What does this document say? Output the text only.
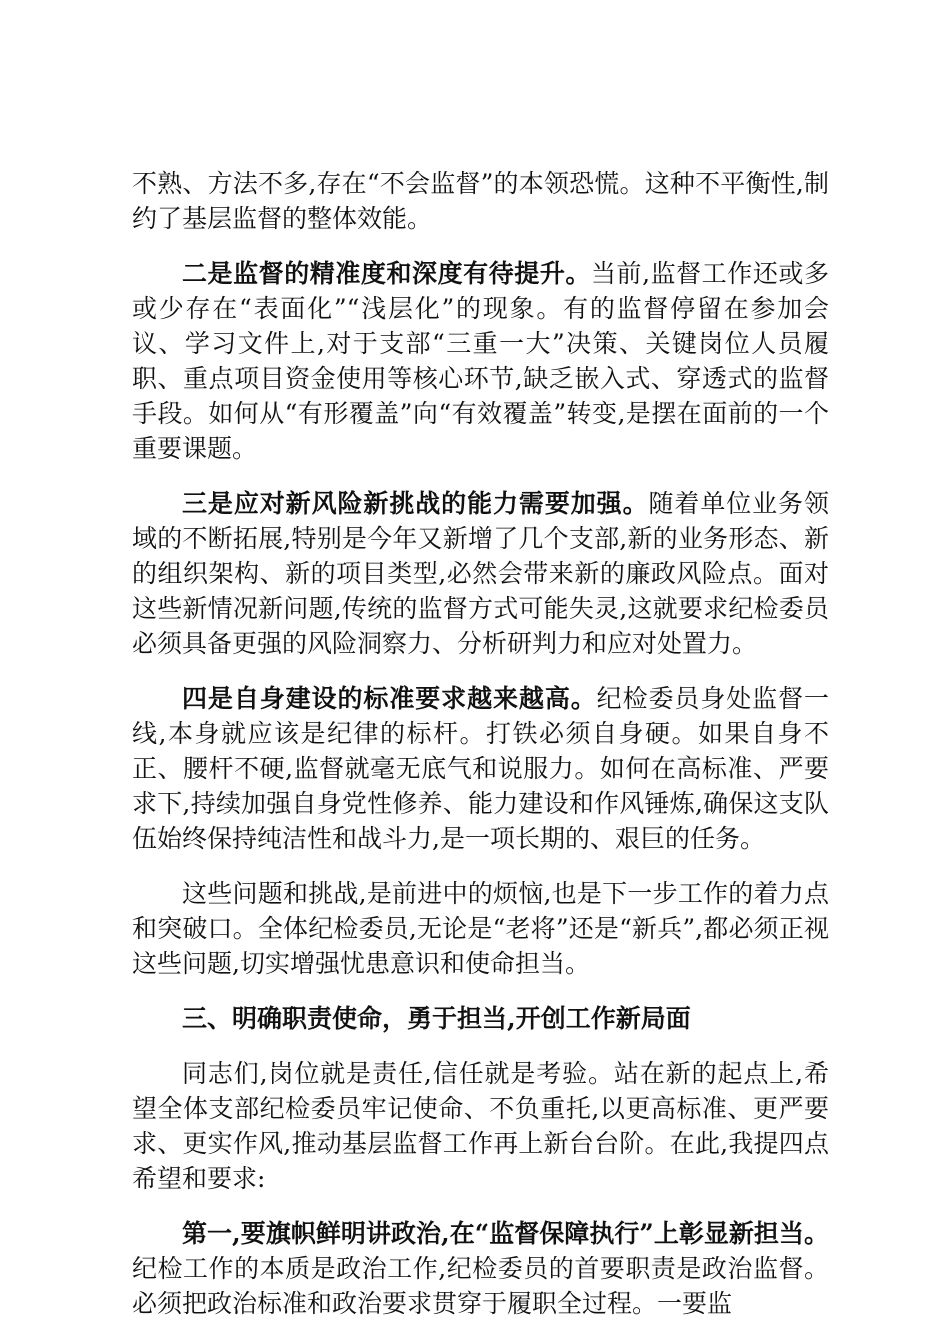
不熟、方法不多,存在“不会监督”的本领恐慌。这种不平衡性,制约了基层监督的整体效能。

二是监督的精准度和深度有待提升。当前,监督工作还或多或少存在“表面化”“浅层化”的现象。有的监督停留在参加会议、学习文件上,对于支部“三重一大”决策、关键岗位人员履职、重点项目资金使用等核心环节,缺乏嵌入式、穿透式的监督手段。如何从“有形覆盖”向“有效覆盖”转变,是摆在面前的一个重要课题。

三是应对新风险新挑战的能力需要加强。随着单位业务领域的不断拓展,特别是今年又新增了几个支部,新的业务形态、新的组织架构、新的项目类型,必然会带来新的廉政风险点。面对这些新情况新问题,传统的监督方式可能失灵,这就要求纪检委员必须具备更强的风险洞察力、分析研判力和应对处置力。

四是自身建设的标准要求越来越高。纪检委员身处监督一线,本身就应该是纪律的标杆。打铁必须自身硬。如果自身不正、腰杆不硬,监督就毫无底气和说服力。如何在高标准、严要求下,持续加强自身党性修养、能力建设和作风锤炼,确保这支队伍始终保持纯洁性和战斗力,是一项长期的、艰巨的任务。

这些问题和挑战,是前进中的烦恼,也是下一步工作的着力点和突破口。全体纪检委员,无论是“老将”还是“新兵”,都必须正视这些问题,切实增强忧患意识和使命担当。

三、明确职责使命，勇于担当,开创工作新局面

同志们,岗位就是责任,信任就是考验。站在新的起点上,希望全体支部纪检委员牢记使命、不负重托,以更高标准、更严要求、更实作风,推动基层监督工作再上新台台阶。在此,我提四点希望和要求:

第一,要旗帜鲜明讲政治,在“监督保障执行”上彰显新担当。纪检工作的本质是政治工作,纪检委员的首要职责是政治监督。必须把政治标准和政治要求贯穿于履职全过程。一要监
